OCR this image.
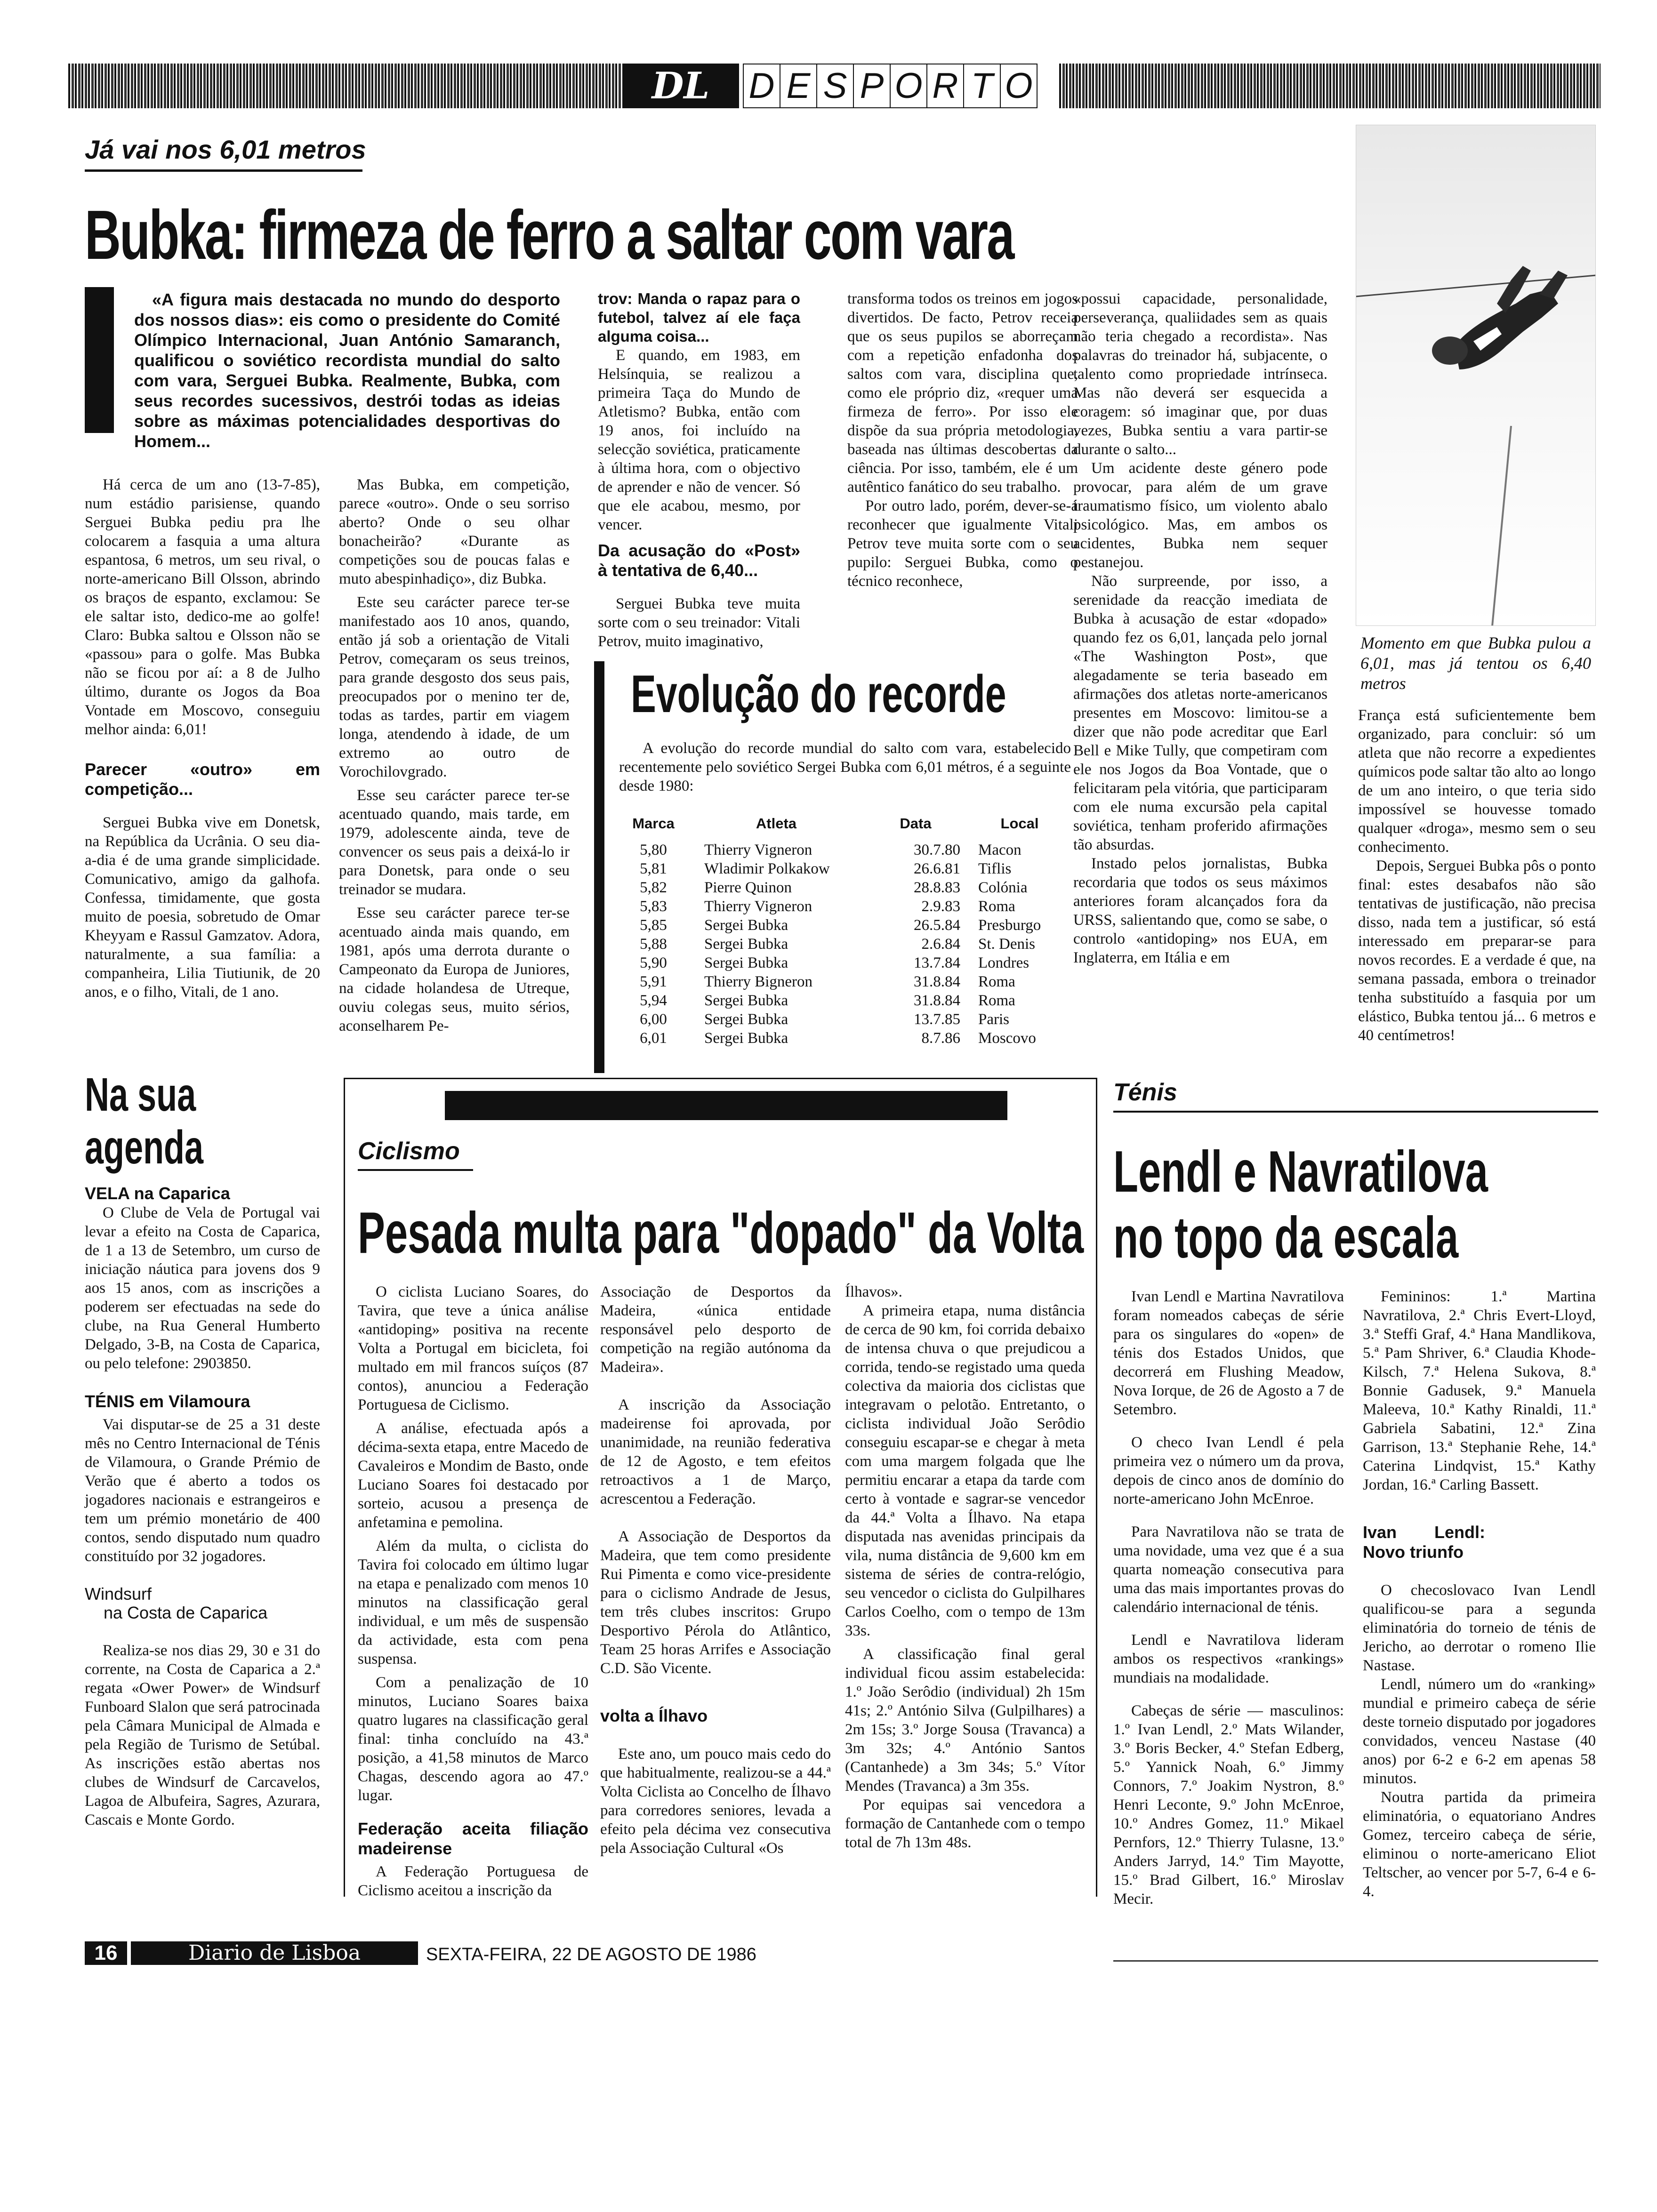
DL	D E S P O R T O
Já vai nos 6,01 metros
Bubka: firmeza de ferro a saltar com vara
I
«A figura mais destacada no mundo do desporto dos nossos dias»: eis como o presidente do Comité Olímpico Internacional, Juan António Samaranch, qualificou o soviético recordista mundial do salto com vara, Serguei Bubka. Realmente, Bubka, com seus recordes sucessivos, destrói todas as ideias sobre as máximas potencialidades desportivas do Homem...

Há cerca de um ano (13-7-85), num estádio parisiense, quando Serguei Bubka pediu pra lhe colocarem a fasquia a uma altura espantosa, 6 metros, um seu rival, o norte-americano Bill Olsson, abrindo os braços de espanto, exclamou: Se ele saltar isto, dedico-me ao golfe! Claro: Bubka saltou e Olsson não se «passou» para o golfe. Mas Bubka não se ficou por aí: a 8 de Julho último, durante os Jogos da Boa Vontade em Moscovo, conseguiu melhor ainda: 6,01!

Parecer «outro» em competição...

Serguei Bubka vive em Donetsk, na República da Ucrânia. O seu dia-a-dia é de uma grande simplicidade. Comunicativo, amigo da galhofa. Confessa, timidamente, que gosta muito de poesia, sobretudo de Omar Kheyyam e Rassul Gamzatov. Adora, naturalmente, a sua família: a companheira, Lilia Tiutiunik, de 20 anos, e o filho, Vitali, de 1 ano.

Mas Bubka, em competição, parece «outro». Onde o seu sorriso aberto? Onde o seu olhar bonacheirão? «Durante as competições sou de poucas falas e muto abespinhadiço», diz Bubka.

Este seu carácter parece ter-se manifestado aos 10 anos, quando, então já sob a orientação de Vitali Petrov, começaram os seus treinos, para grande desgosto dos seus pais, preocupados por o menino ter de, todas as tardes, partir em viagem longa, atendendo à idade, de um extremo ao outro de Vorochilovgrado.

Esse seu carácter parece ter-se acentuado quando, mais tarde, em 1979, adolescente ainda, teve de convencer os seus pais a deixá-lo ir para Donetsk, para onde o seu treinador se mudara.

Esse seu carácter parece ter-se acentuado ainda mais quando, em 1981, após uma derrota durante o Campeonato da Europa de Juniores, na cidade holandesa de Utreque, ouviu colegas seus, muito sérios, aconselharem Pe-

trov: Manda o rapaz para o futebol, talvez aí ele faça alguma coisa...

E quando, em 1983, em Helsínquia, se realizou a primeira Taça do Mundo de Atletismo? Bubka, então com 19 anos, foi incluído na selecção soviética, praticamente à última hora, com o objectivo de aprender e não de vencer. Só que ele acabou, mesmo, por vencer.

Da acusação do «Post» à tentativa de 6,40...

Serguei Bubka teve muita sorte com o seu treinador: Vitali Petrov, muito imaginativo,

transforma todos os treinos em jogos divertidos. De facto, Petrov receia que os seus pupilos se aborreçam com a repetição enfadonha dos saltos com vara, disciplina que, como ele próprio diz, «requer uma firmeza de ferro». Por isso ele dispõe da sua própria metodologia, baseada nas últimas descobertas da ciência. Por isso, também, ele é um autêntico fanático do seu trabalho.

Por outro lado, porém, dever-se-á reconhecer que igualmente Vitali Petrov teve muita sorte com o seu pupilo: Serguei Bubka, como o técnico reconhece,

Evolução do recorde
A evolução do recorde mundial do salto com vara, estabelecido recentemente pelo soviético Sergei Bubka com 6,01 métros, é a seguinte desde 1980:
Marca	Atleta	Data	Local
5,80	Thierry Vigneron	30.7.80	Macon
5,81	Wladimir Polkakow	26.6.81	Tiflis
5,82	Pierre Quinon	28.8.83	Colónia
5,83	Thierry Vigneron	2.9.83	Roma
5,85	Sergei Bubka	26.5.84	Presburgo
5,88	Sergei Bubka	2.6.84	St. Denis
5,90	Sergei Bubka	13.7.84	Londres
5,91	Thierry Bigneron	31.8.84	Roma
5,94	Sergei Bubka	31.8.84	Roma
6,00	Sergei Bubka	13.7.85	Paris
6,01	Sergei Bubka	8.7.86	Moscovo

«possui capacidade, personalidade, perseverança, qualiidades sem as quais não teria chegado a recordista». Nas palavras do treinador há, subjacente, o talento como propriedade intrínseca. Mas não deverá ser esquecida a coragem: só imaginar que, por duas vezes, Bubka sentiu a vara partir-se durante o salto...

Um acidente deste género pode provocar, para além de um grave traumatismo físico, um violento abalo psicológico. Mas, em ambos os acidentes, Bubka nem sequer pestanejou.

Não surpreende, por isso, a serenidade da reacção imediata de Bubka à acusação de estar «dopado» quando fez os 6,01, lançada pelo jornal «The Washington Post», que alegadamente se teria baseado em afirmações dos atletas norte-americanos presentes em Moscovo: limitou-se a dizer que não pode acreditar que Earl Bell e Mike Tully, que competiram com ele nos Jogos da Boa Vontade, que o felicitaram pela vitória, que participaram com ele numa excursão pela capital soviética, tenham proferido afirmações tão absurdas.

Instado pelos jornalistas, Bubka recordaria que todos os seus máximos anteriores foram alcançados fora da URSS, salientando que, como se sabe, o controlo «antidoping» nos EUA, em Inglaterra, em Itália e em

Momento em que Bubka pulou a 6,01, mas já tentou os 6,40 metros

França está suficientemente bem organizado, para concluir: só um atleta que não recorre a expedientes químicos pode saltar tão alto ao longo de um ano inteiro, o que teria sido impossível se houvesse tomado qualquer «droga», mesmo sem o seu conhecimento.

Depois, Serguei Bubka pôs o ponto final: estes desabafos não são tentativas de justificação, não precisa disso, nada tem a justificar, só está interessado em preparar-se para novos recordes. E a verdade é que, na semana passada, embora o treinador tenha substituído a fasquia por um elástico, Bubka tentou já... 6 metros e 40 centímetros!

Na sua
agenda
VELA na Caparica

O Clube de Vela de Portugal vai levar a efeito na Costa de Caparica, de 1 a 13 de Setembro, um curso de iniciação náutica para jovens dos 9 aos 15 anos, com as inscrições a poderem ser efectuadas na sede do clube, na Rua General Humberto Delgado, 3-B, na Costa de Caparica, ou pelo telefone: 2903850.

TÉNIS em Vilamoura

Vai disputar-se de 25 a 31 deste mês no Centro Internacional de Ténis de Vilamoura, o Grande Prémio de Verão que é aberto a todos os jogadores nacionais e estrangeiros e tem um prémio monetário de 400 contos, sendo disputado num quadro constituído por 32 jogadores.

Windsurf
na Costa de Caparica

Realiza-se nos dias 29, 30 e 31 do corrente, na Costa de Caparica a 2.ª regata «Ower Power» de Windsurf Funboard Slalon que será patrocinada pela Câmara Municipal de Almada e pela Região de Turismo de Setúbal. As inscrições estão abertas nos clubes de Windsurf de Carcavelos, Lagoa de Albufeira, Sagres, Azurara, Cascais e Monte Gordo.

Ciclismo
Pesada multa para "dopado" da Volta

O ciclista Luciano Soares, do Tavira, que teve a única análise «antidoping» positiva na recente Volta a Portugal em bicicleta, foi multado em mil francos suíços (87 contos), anunciou a Federação Portuguesa de Ciclismo.

A análise, efectuada após a décima-sexta etapa, entre Macedo de Cavaleiros e Mondim de Basto, onde Luciano Soares foi destacado por sorteio, acusou a presença de anfetamina e pemolina.

Além da multa, o ciclista do Tavira foi colocado em último lugar na etapa e penalizado com menos 10 minutos na classificação geral individual, e um mês de suspensão da actividade, esta com pena suspensa.

Com a penalização de 10 minutos, Luciano Soares baixa quatro lugares na classificação geral final: tinha concluído na 43.ª posição, a 41,58 minutos de Marco Chagas, descendo agora ao 47.º lugar.

Federação aceita filiação madeirense

A Federação Portuguesa de Ciclismo aceitou a inscrição da

Associação de Desportos da Madeira, «única entidade responsável pelo desporto de competição na região autónoma da Madeira».

A inscrição da Associação madeirense foi aprovada, por unanimidade, na reunião federativa de 12 de Agosto, e tem efeitos retroactivos a 1 de Março, acrescentou a Federação.

A Associação de Desportos da Madeira, que tem como presidente Rui Pimenta e como vice-presidente para o ciclismo Andrade de Jesus, tem três clubes inscritos: Grupo Desportivo Pérola do Atlântico, Team 25 horas Arrifes e Associação C.D. São Vicente.

volta a Ílhavo

Este ano, um pouco mais cedo do que habitualmente, realizou-se a 44.ª Volta Ciclista ao Concelho de Ílhavo para corredores seniores, levada a efeito pela décima vez consecutiva pela Associação Cultural «Os

Ílhavos».

A primeira etapa, numa distância de cerca de 90 km, foi corrida debaixo de intensa chuva o que prejudicou a corrida, tendo-se registado uma queda colectiva da maioria dos ciclistas que integravam o pelotão. Entretanto, o ciclista individual João Serôdio conseguiu escapar-se e chegar à meta com uma margem folgada que lhe permitiu encarar a etapa da tarde com certo à vontade e sagrar-se vencedor da 44.ª Volta a Ílhavo. Na etapa disputada nas avenidas principais da vila, numa distância de 9,600 km em sistema de séries de contra-relógio, seu vencedor o ciclista do Gulpilhares Carlos Coelho, com o tempo de 13m 33s.

A classificação final geral individual ficou assim estabelecida: 1.º João Serôdio (individual) 2h 15m 41s; 2.º António Silva (Gulpilhares) a 2m 15s; 3.º Jorge Sousa (Travanca) a 3m 32s; 4.º António Santos (Cantanhede) a 3m 34s; 5.º Vítor Mendes (Travanca) a 3m 35s.

Por equipas sai vencedora a formação de Cantanhede com o tempo total de 7h 13m 48s.

Ténis
Lendl e Navratilova
no topo da escala

Ivan Lendl e Martina Navratilova foram nomeados cabeças de série para os singulares do «open» de ténis dos Estados Unidos, que decorrerá em Flushing Meadow, Nova Iorque, de 26 de Agosto a 7 de Setembro.

O checo Ivan Lendl é pela primeira vez o número um da prova, depois de cinco anos de domínio do norte-americano John McEnroe.

Para Navratilova não se trata de uma novidade, uma vez que é a sua quarta nomeação consecutiva para uma das mais importantes provas do calendário internacional de ténis.

Lendl e Navratilova lideram ambos os respectivos «rankings» mundiais na modalidade.

Cabeças de série — masculinos: 1.º Ivan Lendl, 2.º Mats Wilander, 3.º Boris Becker, 4.º Stefan Edberg, 5.º Yannick Noah, 6.º Jimmy Connors, 7.º Joakim Nystron, 8.º Henri Leconte, 9.º John McEnroe, 10.º Andres Gomez, 11.º Mikael Pernfors, 12.º Thierry Tulasne, 13.º Anders Jarryd, 14.º Tim Mayotte, 15.º Brad Gilbert, 16.º Miroslav Mecir.

Femininos: 1.ª Martina Navratilova, 2.ª Chris Evert-Lloyd, 3.ª Steffi Graf, 4.ª Hana Mandlikova, 5.ª Pam Shriver, 6.ª Claudia Khode-Kilsch, 7.ª Helena Sukova, 8.ª Bonnie Gadusek, 9.ª Manuela Maleeva, 10.ª Kathy Rinaldi, 11.ª Gabriela Sabatini, 12.ª Zina Garrison, 13.ª Stephanie Rehe, 14.ª Caterina Lindqvist, 15.ª Kathy Jordan, 16.ª Carling Bassett.

Ivan Lendl: Novo triunfo

O checoslovaco Ivan Lendl qualificou-se para a segunda eliminatória do torneio de ténis de Jericho, ao derrotar o romeno Ilie Nastase.

Lendl, número um do «ranking» mundial e primeiro cabeça de série deste torneio disputado por jogadores convidados, venceu Nastase (40 anos) por 6-2 e 6-2 em apenas 58 minutos.

Noutra partida da primeira eliminatória, o equatoriano Andres Gomez, terceiro cabeça de série, eliminou o norte-americano Eliot Teltscher, ao vencer por 5-7, 6-4 e 6-4.

16	Diario de Lisboa	SEXTA-FEIRA, 22 DE AGOSTO DE 1986
